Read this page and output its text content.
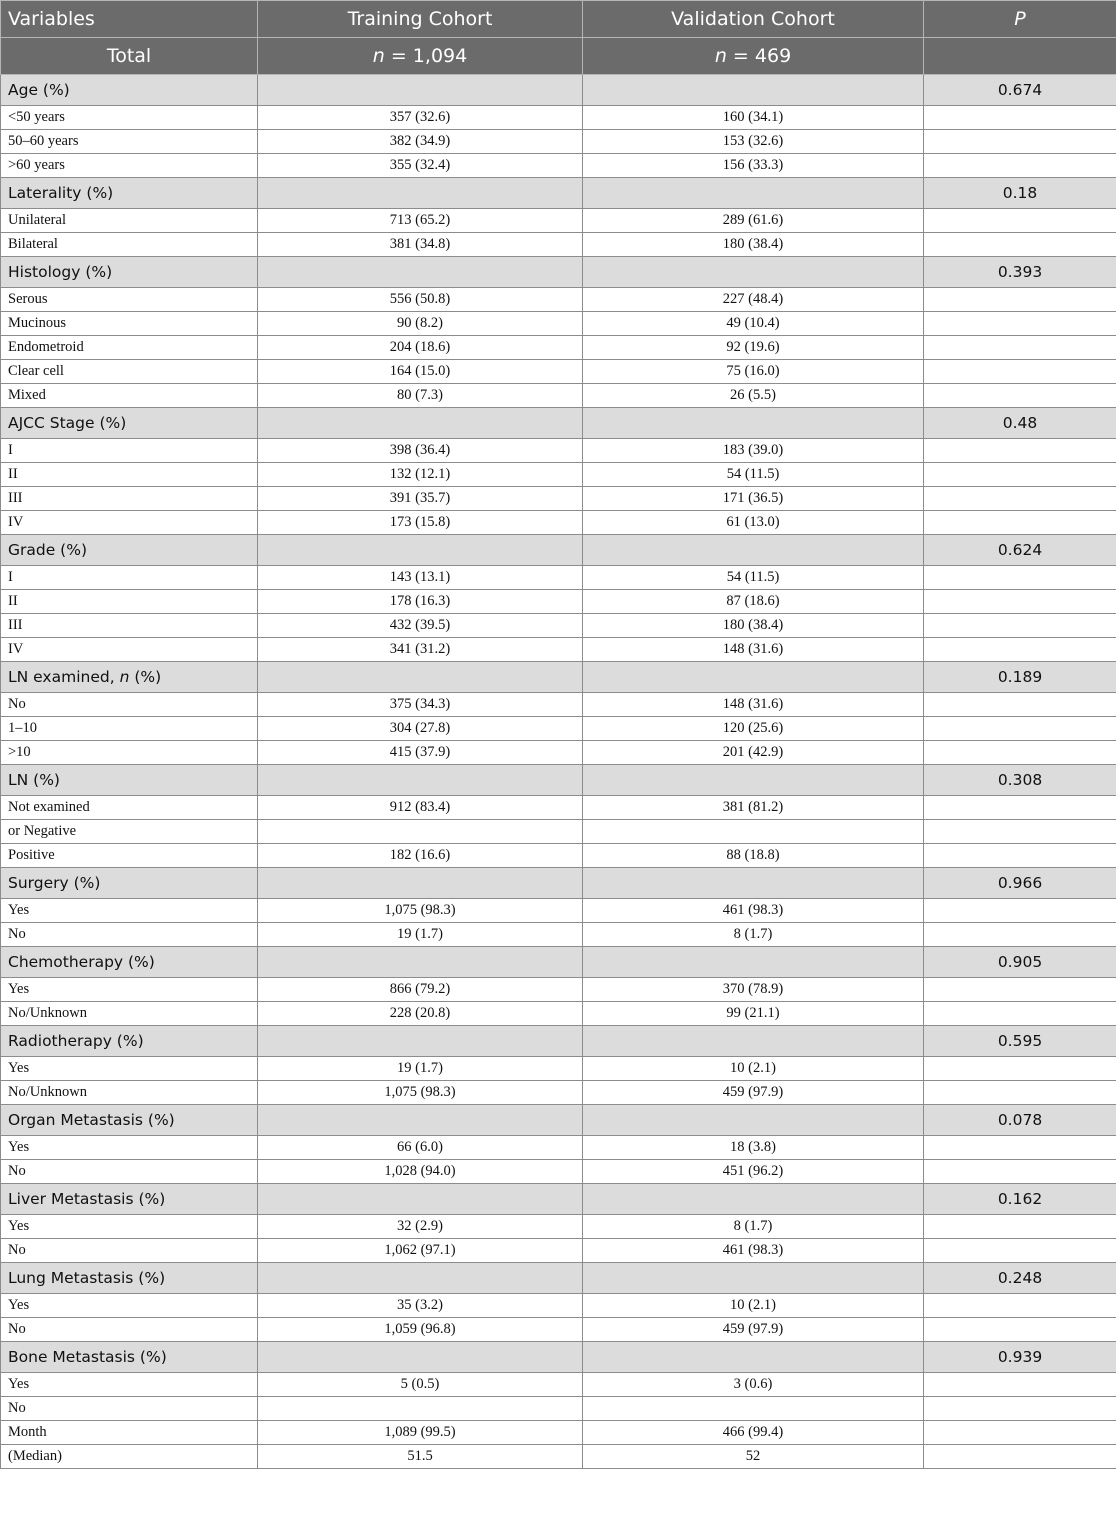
Variables	Training Cohort	Validation Cohort	P
Total	n = 1,094	n = 469	
Age (%)			0.674
<50 years	357 (32.6)	160 (34.1)	
50–60 years	382 (34.9)	153 (32.6)	
>60 years	355 (32.4)	156 (33.3)	
Laterality (%)			0.18
Unilateral	713 (65.2)	289 (61.6)	
Bilateral	381 (34.8)	180 (38.4)	
Histology (%)			0.393
Serous	556 (50.8)	227 (48.4)	
Mucinous	90 (8.2)	49 (10.4)	
Endometroid	204 (18.6)	92 (19.6)	
Clear cell	164 (15.0)	75 (16.0)	
Mixed	80 (7.3)	26 (5.5)	
AJCC Stage (%)			0.48
I	398 (36.4)	183 (39.0)	
II	132 (12.1)	54 (11.5)	
III	391 (35.7)	171 (36.5)	
IV	173 (15.8)	61 (13.0)	
Grade (%)			0.624
I	143 (13.1)	54 (11.5)	
II	178 (16.3)	87 (18.6)	
III	432 (39.5)	180 (38.4)	
IV	341 (31.2)	148 (31.6)	
LN examined, n (%)			0.189
No	375 (34.3)	148 (31.6)	
1–10	304 (27.8)	120 (25.6)	
>10	415 (37.9)	201 (42.9)	
LN (%)			0.308
Not examined	912 (83.4)	381 (81.2)	
or Negative			
Positive	182 (16.6)	88 (18.8)	
Surgery (%)			0.966
Yes	1,075 (98.3)	461 (98.3)	
No	19 (1.7)	8 (1.7)	
Chemotherapy (%)			0.905
Yes	866 (79.2)	370 (78.9)	
No/Unknown	228 (20.8)	99 (21.1)	
Radiotherapy (%)			0.595
Yes	19 (1.7)	10 (2.1)	
No/Unknown	1,075 (98.3)	459 (97.9)	
Organ Metastasis (%)			0.078
Yes	66 (6.0)	18 (3.8)	
No	1,028 (94.0)	451 (96.2)	
Liver Metastasis (%)			0.162
Yes	32 (2.9)	8 (1.7)	
No	1,062 (97.1)	461 (98.3)	
Lung Metastasis (%)			0.248
Yes	35 (3.2)	10 (2.1)	
No	1,059 (96.8)	459 (97.9)	
Bone Metastasis (%)			0.939
Yes	5 (0.5)	3 (0.6)	
No			
Month	1,089 (99.5)	466 (99.4)	
(Median)	51.5	52	
